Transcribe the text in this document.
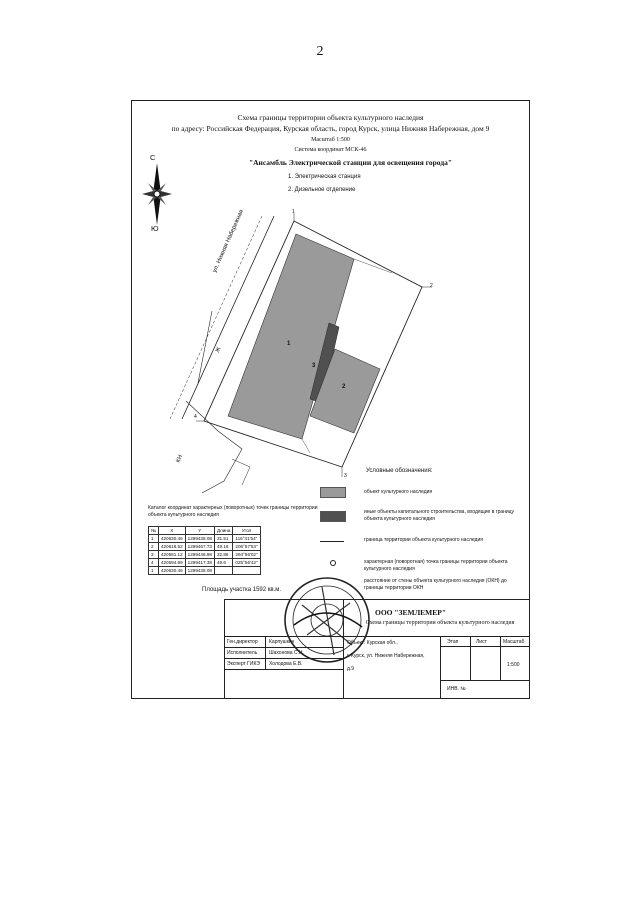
2
Схема границы территории объекта культурного наследия
по адресу: Российская Федерация, Курская область, город Курск, улица Нижняя Набережная, дом 9
Масштаб 1:500
Система координат МСК-46
"Ансамбль Электрической станции для освещения города"
1. Электрическая станция
2. Дизельное отделение
С
Ю	ул. Нижняя Набережная
Ж
КН
1
2
3
1
2
3
4
Условные обозначения:
объект культурного наследия
иные объекты капитального строительства, входящие в границу объекта культурного наследия
граница территории объекта культурного наследия
характерная (поворотная) точка границы территории объекта культурного наследия
расстояние от стены объекта культурного наследия (ОКН) до границы территории ОКН
Каталог координат характерных (поворотных) точек границы территории объекта культурного наследия
№	X	Y	Длина	Угол
1	420630.46	1299438.08	31.51	116°41'54"
2	420616.52	1299467.73	49.16	206°57'53"
3	420581.12	1299446.98	32.86	294°56'02"
4	420594.99	1299417.38	49.6	025°56'42"
1	420630.46	1299438.08		
Площадь участка 1592 кв.м.
ООО "ЗЕМЛЕМЕР"
Схема границы территории объекта культурного наследия
Ген.директор Карпушкин
Исполнитель Шахонова С.Н.
Эксперт ГИКЭ Холодова Е.В.
Объект: Курская обл.,
г. Курск, ул. Нижняя Набережная,
д.9
Этап	Лист	Масштаб
1:500
ИНВ. №
